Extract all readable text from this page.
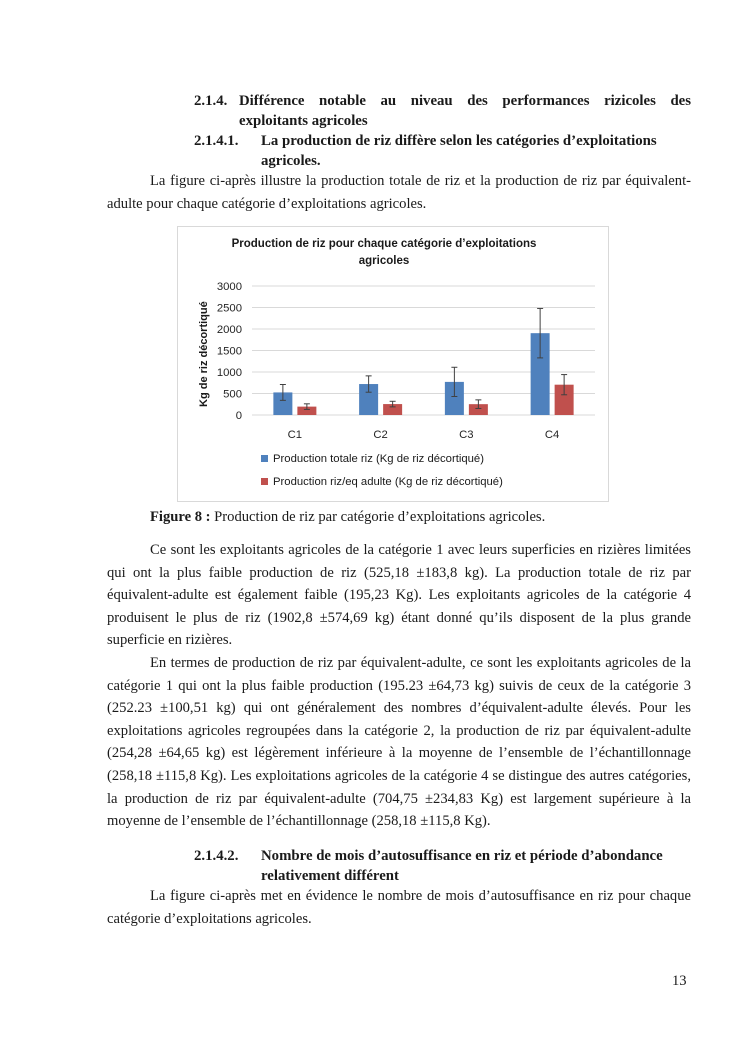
2.1.4. Différence notable au niveau des performances rizicoles des
exploitants agricoles
2.1.4.1. La production de riz diffère selon les catégories d’exploitations
agricoles.
La figure ci-après illustre la production totale de riz et la production de riz par équivalent-adulte pour chaque catégorie d’exploitations agricoles.
Production de riz pour chaque catégorie d’exploitations
agricoles
Kg de riz décortiqué
0
500
1000
1500
2000
2500
3000
C1	C2	C3	C4
Production totale riz (Kg de riz décortiqué)
Production riz/eq adulte (Kg de riz décortiqué)
Figure 8 : Production de riz par catégorie d’exploitations agricoles.
Ce sont les exploitants agricoles de la catégorie 1 avec leurs superficies en rizières limitées qui ont la plus faible production de riz (525,18 ±183,8 kg). La production totale de riz par équivalent-adulte est également faible (195,23 Kg). Les exploitants agricoles de la catégorie 4 produisent le plus de riz (1902,8 ±574,69 kg) étant donné qu’ils disposent de la plus grande superficie en rizières.
En termes de production de riz par équivalent-adulte, ce sont les exploitants agricoles de la catégorie 1 qui ont la plus faible production (195.23 ±64,73 kg) suivis de ceux de la catégorie 3 (252.23 ±100,51 kg) qui ont généralement des nombres d’équivalent-adulte élevés. Pour les exploitations agricoles regroupées dans la catégorie 2, la production de riz par équivalent-adulte (254,28 ±64,65 kg) est légèrement inférieure à la moyenne de l’ensemble de l’échantillonnage (258,18 ±115,8 Kg). Les exploitations agricoles de la catégorie 4 se distingue des autres catégories, la production de riz par équivalent-adulte (704,75 ±234,83 Kg) est largement supérieure à la moyenne de l’ensemble de l’échantillonnage (258,18 ±115,8 Kg).
2.1.4.2. Nombre de mois d’autosuffisance en riz et période d’abondance
relativement différent
La figure ci-après met en évidence le nombre de mois d’autosuffisance en riz pour chaque catégorie d’exploitations agricoles.
13
